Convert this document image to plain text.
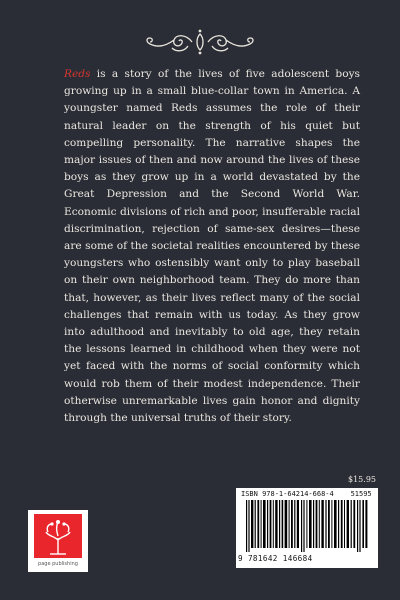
Reds is a story of the lives of five adolescent boys growing up in a small blue-collar town in America. A youngster named Reds assumes the role of their natural leader on the strength of his quiet but compelling personality. The narrative shapes the major issues of then and now around the lives of these boys as they grow up in a world devastated by the Great Depression and the Second World War. Economic divisions of rich and poor, insufferable racial discrimination, rejection of same-sex desires—these are some of the societal realities encountered by these youngsters who ostensibly want only to play baseball on their own neighborhood team. They do more than that, however, as their lives reflect many of the social challenges that remain with us today. As they grow into adulthood and inevitably to old age, they retain the lessons learned in childhood when they were not yet faced with the norms of social conformity which would rob them of their modest independence. Their otherwise unremarkable lives gain honor and dignity through the universal truths of their story.

$15.95
ISBN 978-1-64214-668-4 51595
9 781642 146684
page publishing
